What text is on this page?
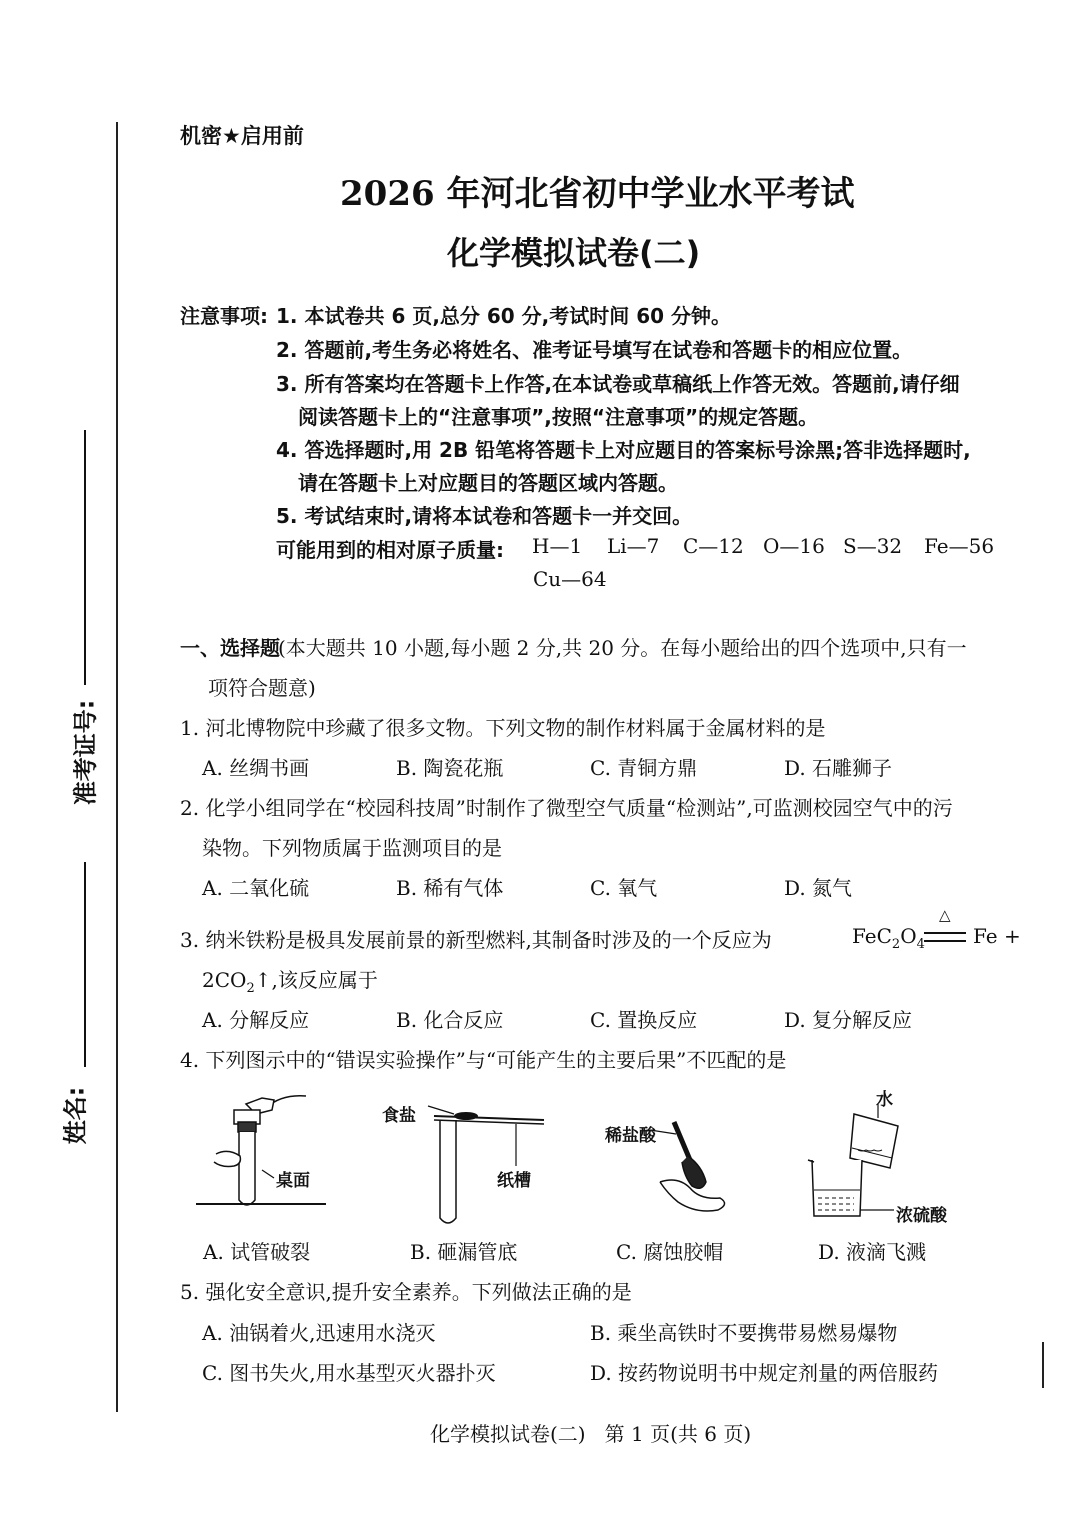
准考证号:
姓名:
机密★启用前
2026 年河北省初中学业水平考试
化学模拟试卷(二)
注意事项: 1. 本试卷共 6 页,总分 60 分,考试时间 60 分钟。
2. 答题前,考生务必将姓名、准考证号填写在试卷和答题卡的相应位置。
3. 所有答案均在答题卡上作答,在本试卷或草稿纸上作答无效。答题前,请仔细
阅读答题卡上的“注意事项”,按照“注意事项”的规定答题。
4. 答选择题时,用 2B 铅笔将答题卡上对应题目的答案标号涂黑;答非选择题时,
请在答题卡上对应题目的答题区域内答题。
5. 考试结束时,请将本试卷和答题卡一并交回。
可能用到的相对原子质量: H—1 Li—7 C—12 O—16 S—32 Fe—56
Cu—64
一、选择题
(本大题共 10 小题,每小题 2 分,共 20 分。在每小题给出的四个选项中,只有一
项符合题意)
1. 河北博物院中珍藏了很多文物。下列文物的制作材料属于金属材料的是
A. 丝绸书画	B. 陶瓷花瓶	C. 青铜方鼎	D. 石雕狮子
2. 化学小组同学在“校园科技周”时制作了微型空气质量“检测站”,可监测校园空气中的污
染物。下列物质属于监测项目的是
A. 二氧化硫	B. 稀有气体	C. 氧气	D. 氮气
3. 纳米铁粉是极具发展前景的新型燃料,其制备时涉及的一个反应为	$FeC_2O_4$
△
Fe +
$2CO_2↑$,该反应属于
A. 分解反应	B. 化合反应	C. 置换反应	D. 复分解反应
4. 下列图示中的“错误实验操作”与“可能产生的主要后果”不匹配的是
桌面
食盐
纸槽
稀盐酸
水
浓硫酸
A. 试管破裂	B. 砸漏管底	C. 腐蚀胶帽	D. 液滴飞溅
5. 强化安全意识,提升安全素养。下列做法正确的是
A. 油锅着火,迅速用水浇灭	B. 乘坐高铁时不要携带易燃易爆物
C. 图书失火,用水基型灭火器扑灭	D. 按药物说明书中规定剂量的两倍服药
化学模拟试卷(二)   第 1 页(共 6 页)
